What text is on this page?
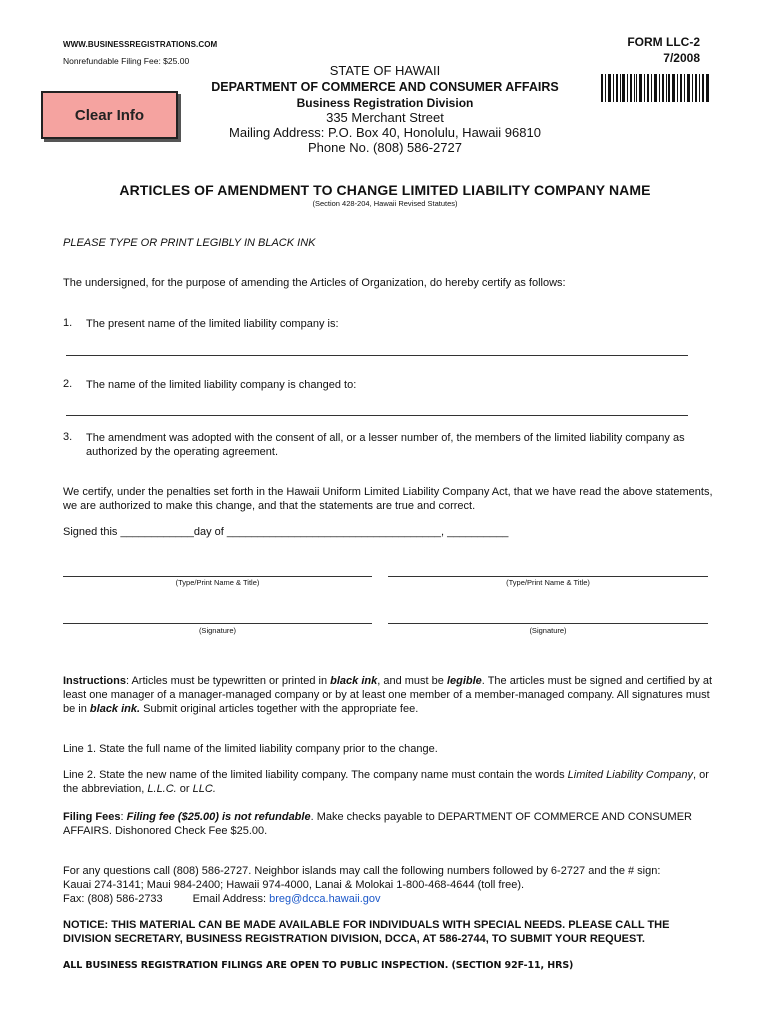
WWW.BUSINESSREGISTRATIONS.COM
Nonrefundable Filing Fee: $25.00
FORM LLC-2
7/2008
Clear Info
STATE OF HAWAII
DEPARTMENT OF COMMERCE AND CONSUMER AFFAIRS
Business Registration Division
335 Merchant Street
Mailing Address: P.O. Box 40, Honolulu, Hawaii 96810
Phone No. (808) 586-2727
ARTICLES OF AMENDMENT TO CHANGE LIMITED LIABILITY COMPANY NAME
(Section 428-204, Hawaii Revised Statutes)
PLEASE TYPE OR PRINT LEGIBLY IN BLACK INK
The undersigned, for the purpose of amending the Articles of Organization, do hereby certify as follows:
1. The present name of the limited liability company is:
2. The name of the limited liability company is changed to:
3. The amendment was adopted with the consent of all, or a lesser number of, the members of the limited liability company as authorized by the operating agreement.
We certify, under the penalties set forth in the Hawaii Uniform Limited Liability Company Act, that we have read the above statements, we are authorized to make this change, and that the statements are true and correct.
Signed this ____________day of ___________________________________, __________
(Type/Print Name & Title)	(Type/Print Name & Title)
(Signature)	(Signature)
Instructions: Articles must be typewritten or printed in black ink, and must be legible. The articles must be signed and certified by at least one manager of a manager-managed company or by at least one member of a member-managed company. All signatures must be in black ink. Submit original articles together with the appropriate fee.
Line 1. State the full name of the limited liability company prior to the change.
Line 2. State the new name of the limited liability company. The company name must contain the words Limited Liability Company, or the abbreviation, L.L.C. or LLC.
Filing Fees: Filing fee ($25.00) is not refundable. Make checks payable to DEPARTMENT OF COMMERCE AND CONSUMER AFFAIRS. Dishonored Check Fee $25.00.
For any questions call (808) 586-2727. Neighbor islands may call the following numbers followed by 6-2727 and the # sign:
Kauai 274-3141; Maui 984-2400; Hawaii 974-4000, Lanai & Molokai 1-800-468-4644 (toll free).
Fax: (808) 586-2733	Email Address: breg@dcca.hawaii.gov
NOTICE: THIS MATERIAL CAN BE MADE AVAILABLE FOR INDIVIDUALS WITH SPECIAL NEEDS. PLEASE CALL THE DIVISION SECRETARY, BUSINESS REGISTRATION DIVISION, DCCA, AT 586-2744, TO SUBMIT YOUR REQUEST.
ALL BUSINESS REGISTRATION FILINGS ARE OPEN TO PUBLIC INSPECTION. (SECTION 92F-11, HRS)
